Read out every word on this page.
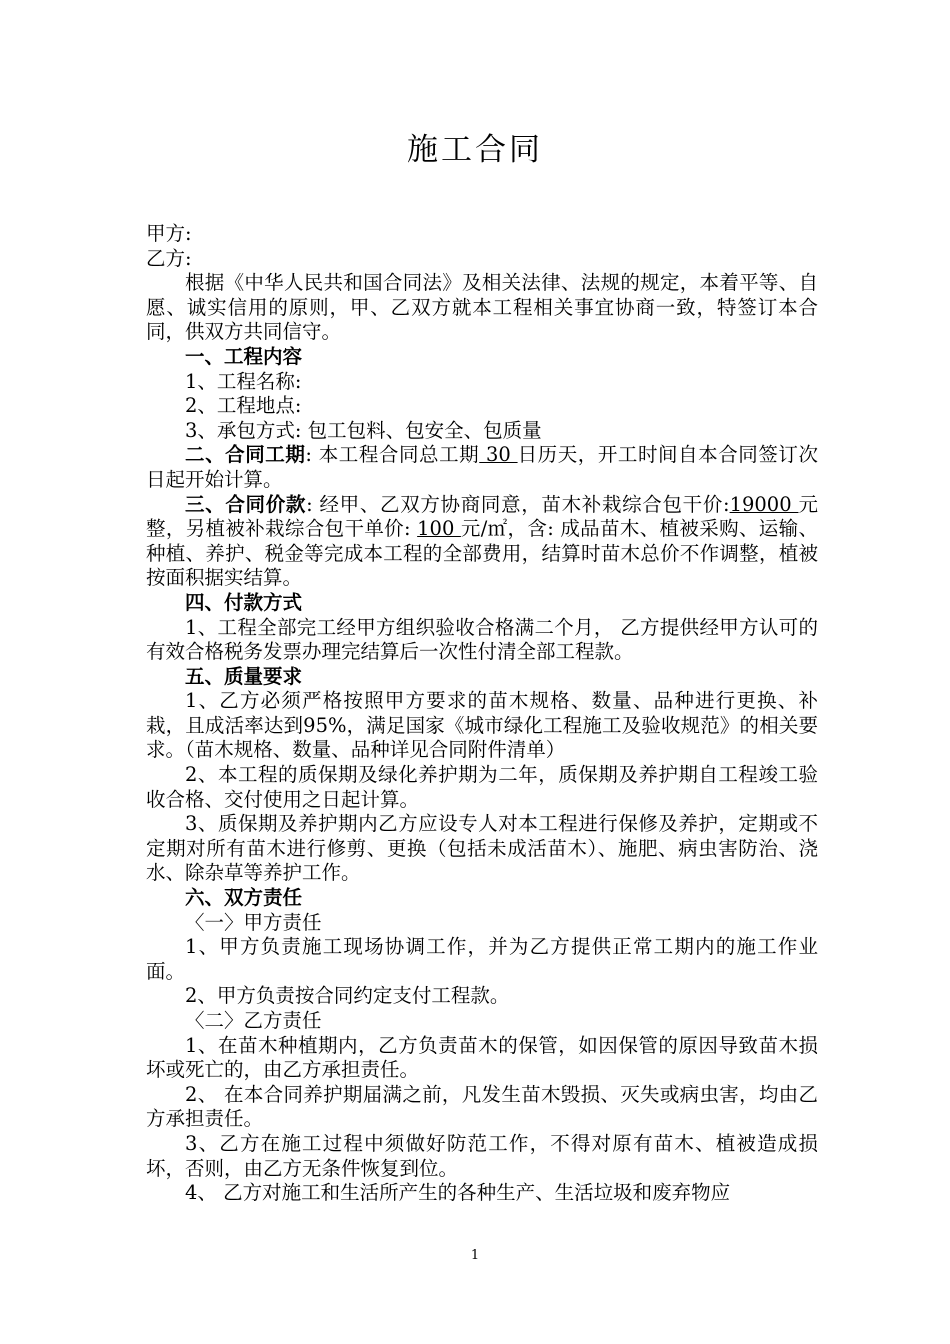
施工合同

甲方:

乙方:

根据《中华人民共和国合同法》及相关法律、法规的规定，本着平等、自愿、诚实信用的原则，甲、乙双方就本工程相关事宜协商一致，特签订本合同，供双方共同信守。

一、工程内容

1、工程名称:

2、工程地点:

3、承包方式: 包工包料、包安全、包质量

二、合同工期: 本工程合同总工期 30 日历天，开工时间自本合同签订次日起开始计算。

三、合同价款: 经甲、乙双方协商同意，苗木补栽综合包干价:19000 元整，另植被补栽综合包干单价: 100 元/㎡，含: 成品苗木、植被采购、运输、种植、养护、税金等完成本工程的全部费用，结算时苗木总价不作调整，植被按面积据实结算。

四、付款方式

1、工程全部完工经甲方组织验收合格满二个月， 乙方提供经甲方认可的有效合格税务发票办理完结算后一次性付清全部工程款。

五、质量要求

1、乙方必须严格按照甲方要求的苗木规格、数量、品种进行更换、补栽，且成活率达到95%，满足国家《城市绿化工程施工及验收规范》的相关要求。（苗木规格、数量、品种详见合同附件清单）

2、本工程的质保期及绿化养护期为二年，质保期及养护期自工程竣工验收合格、交付使用之日起计算。

3、质保期及养护期内乙方应设专人对本工程进行保修及养护，定期或不定期对所有苗木进行修剪、更换（包括未成活苗木）、施肥、病虫害防治、浇水、除杂草等养护工作。

六、双方责任

〈一〉甲方责任

1、甲方负责施工现场协调工作，并为乙方提供正常工期内的施工作业面。

2、甲方负责按合同约定支付工程款。

〈二〉乙方责任

1、在苗木种植期内，乙方负责苗木的保管，如因保管的原因导致苗木损坏或死亡的，由乙方承担责任。

2、 在本合同养护期届满之前，凡发生苗木毁损、灭失或病虫害，均由乙方承担责任。

3、乙方在施工过程中须做好防范工作，不得对原有苗木、植被造成损坏，否则，由乙方无条件恢复到位。

4、 乙方对施工和生活所产生的各种生产、生活垃圾和废弃物应

1
